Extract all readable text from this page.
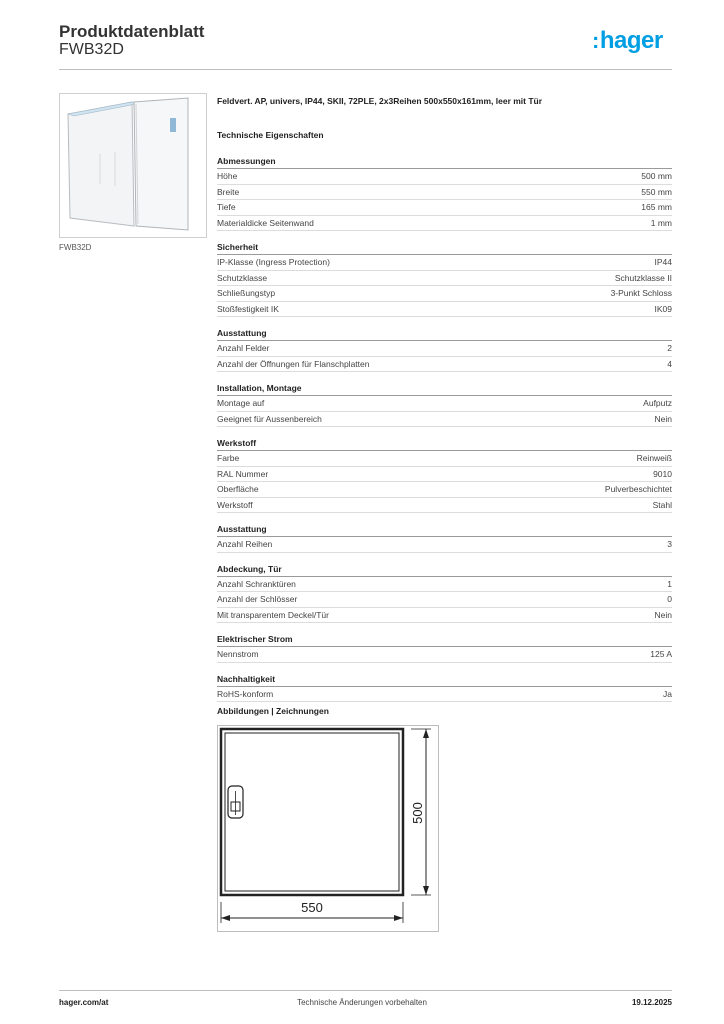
Produktdatenblatt
FWB32D	:hager
FWB32D
Feldvert. AP, univers, IP44, SKII, 72PLE, 2x3Reihen 500x550x161mm, leer mit Tür
Technische Eigenschaften
Abmessungen
Höhe	500 mm
Breite	550 mm
Tiefe	165 mm
Materialdicke Seitenwand	1 mm
Sicherheit
IP-Klasse (Ingress Protection)	IP44
Schutzklasse	Schutzklasse II
Schließungstyp	3-Punkt Schloss
Stoßfestigkeit IK	IK09
Ausstattung
Anzahl Felder	2
Anzahl der Öffnungen für Flanschplatten	4
Installation, Montage
Montage auf	Aufputz
Geeignet für Aussenbereich	Nein
Werkstoff
Farbe	Reinweiß
RAL Nummer	9010
Oberfläche	Pulverbeschichtet
Werkstoff	Stahl
Ausstattung
Anzahl Reihen	3
Abdeckung, Tür
Anzahl Schranktüren	1
Anzahl der Schlösser	0
Mit transparentem Deckel/Tür	Nein
Elektrischer Strom
Nennstrom	125 A
Nachhaltigkeit
RoHS-konform	Ja
Abbildungen | Zeichnungen
500
550
hager.com/at	Technische Änderungen vorbehalten	19.12.2025
